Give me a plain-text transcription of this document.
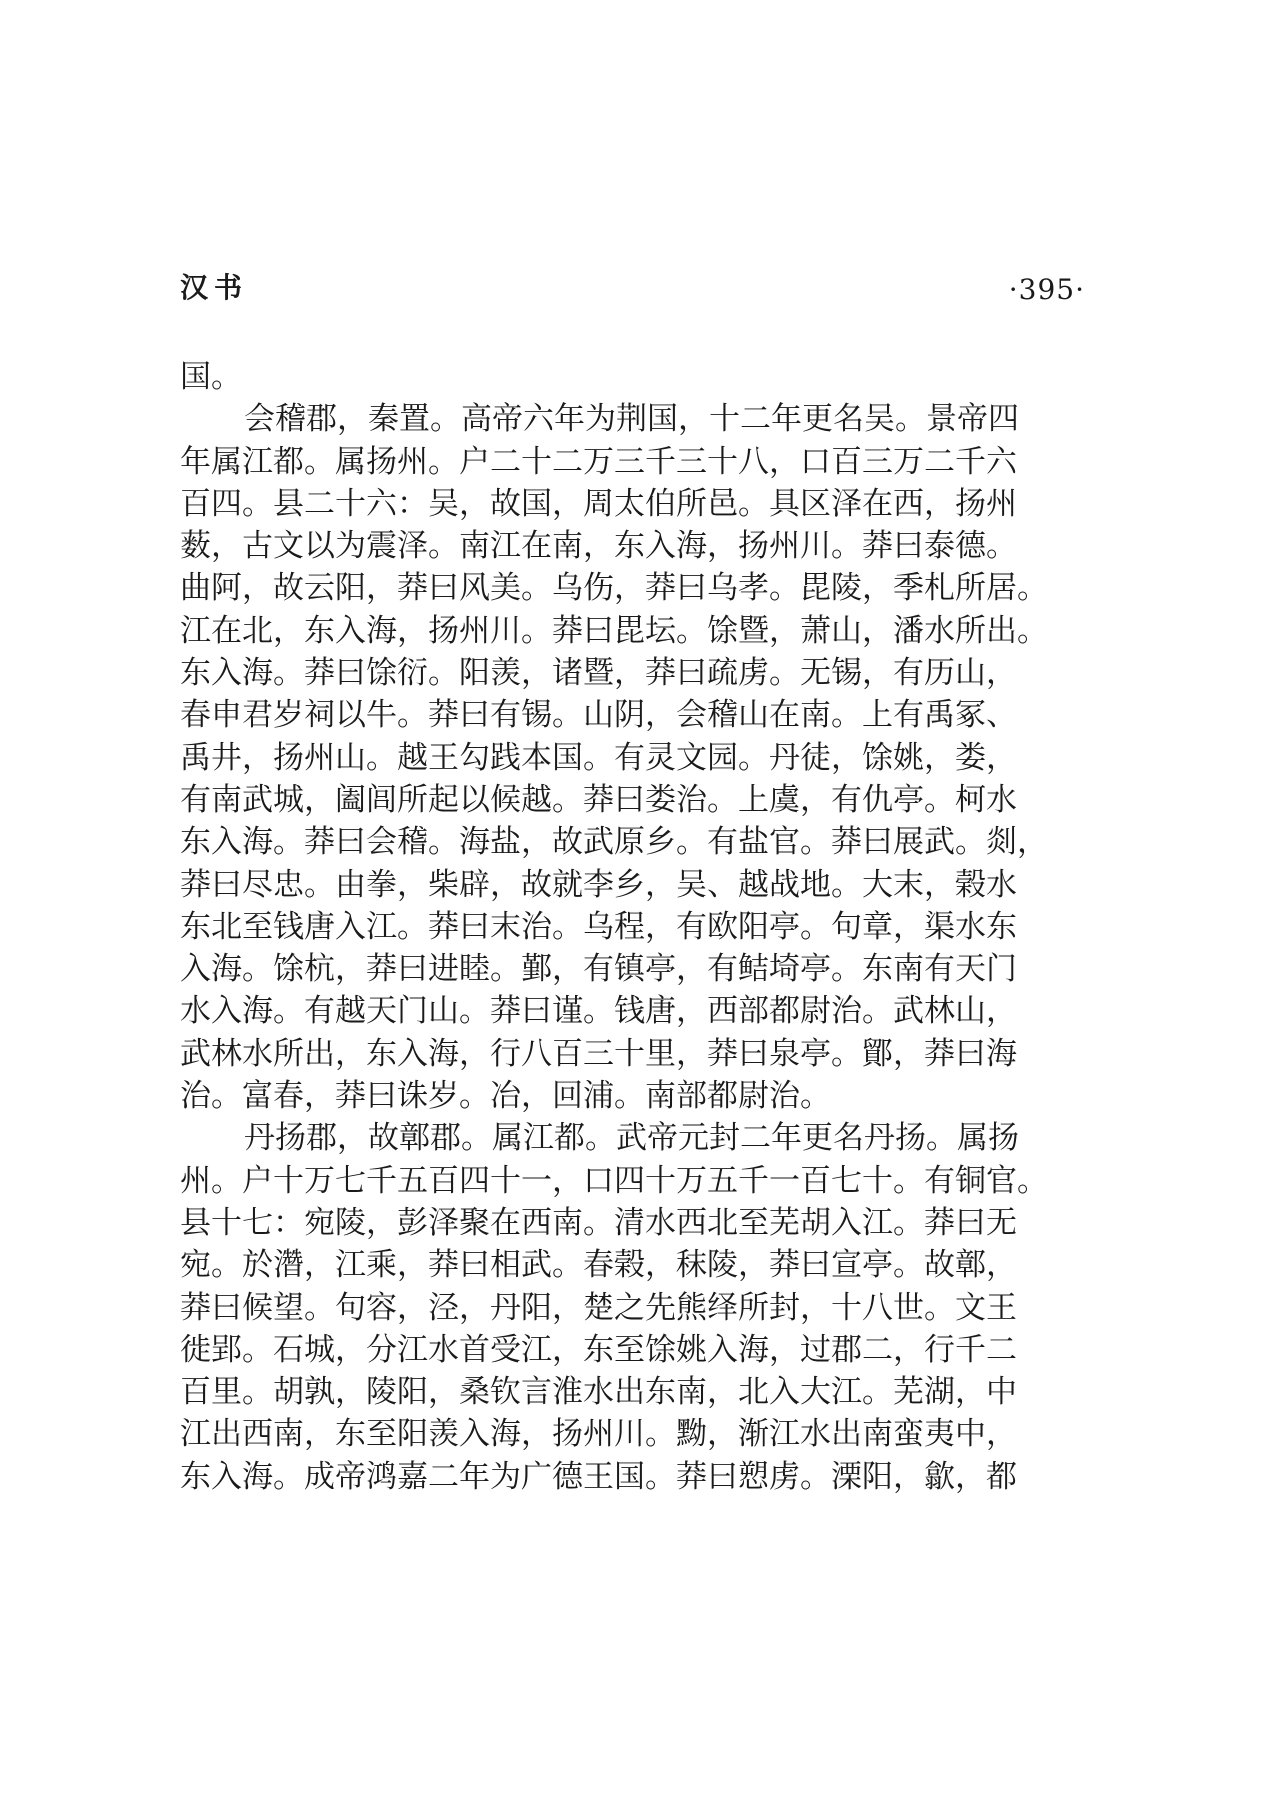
汉书	·395·
国。
会稽郡，秦置。高帝六年为荆国，十二年更名吴。景帝四
年属江都。属扬州。户二十二万三千三十八，口百三万二千六
百四。县二十六：吴，故国，周太伯所邑。具区泽在西，扬州
薮，古文以为震泽。南江在南，东入海，扬州川。莽曰泰德。
曲阿，故云阳，莽曰风美。乌伤，莽曰乌孝。毘陵，季札所居。
江在北，东入海，扬州川。莽曰毘坛。馀暨，萧山，潘水所出。
东入海。莽曰馀衍。阳羡，诸暨，莽曰疏虏。无锡，有历山，
春申君岁祠以牛。莽曰有锡。山阴，会稽山在南。上有禹冢、
禹井，扬州山。越王勾践本国。有灵文园。丹徒，馀姚，娄，
有南武城，阖闾所起以候越。莽曰娄治。上虞，有仇亭。柯水
东入海。莽曰会稽。海盐，故武原乡。有盐官。莽曰展武。剡，
莽曰尽忠。由拳，柴辟，故就李乡，吴、越战地。大末，榖水
东北至钱唐入江。莽曰末治。乌程，有欧阳亭。句章，渠水东
入海。馀杭，莽曰进睦。鄞，有镇亭，有鲒埼亭。东南有天门
水入海。有越天门山。莽曰谨。钱唐，西部都尉治。武林山，
武林水所出，东入海，行八百三十里，莽曰泉亭。鄮，莽曰海
治。富春，莽曰诛岁。冶，回浦。南部都尉治。
丹扬郡，故鄣郡。属江都。武帝元封二年更名丹扬。属扬
州。户十万七千五百四十一，口四十万五千一百七十。有铜官。
县十七：宛陵，彭泽聚在西南。清水西北至芜胡入江。莽曰无
宛。於濳，江乘，莽曰相武。春榖，秣陵，莽曰宣亭。故鄣，
莽曰候望。句容，泾，丹阳，楚之先熊绎所封，十八世。文王
徙郢。石城，分江水首受江，东至馀姚入海，过郡二，行千二
百里。胡孰，陵阳，桑钦言淮水出东南，北入大江。芜湖，中
江出西南，东至阳羡入海，扬州川。黝，渐江水出南蛮夷中，
东入海。成帝鸿嘉二年为广德王国。莽曰愬虏。溧阳，歙，都
